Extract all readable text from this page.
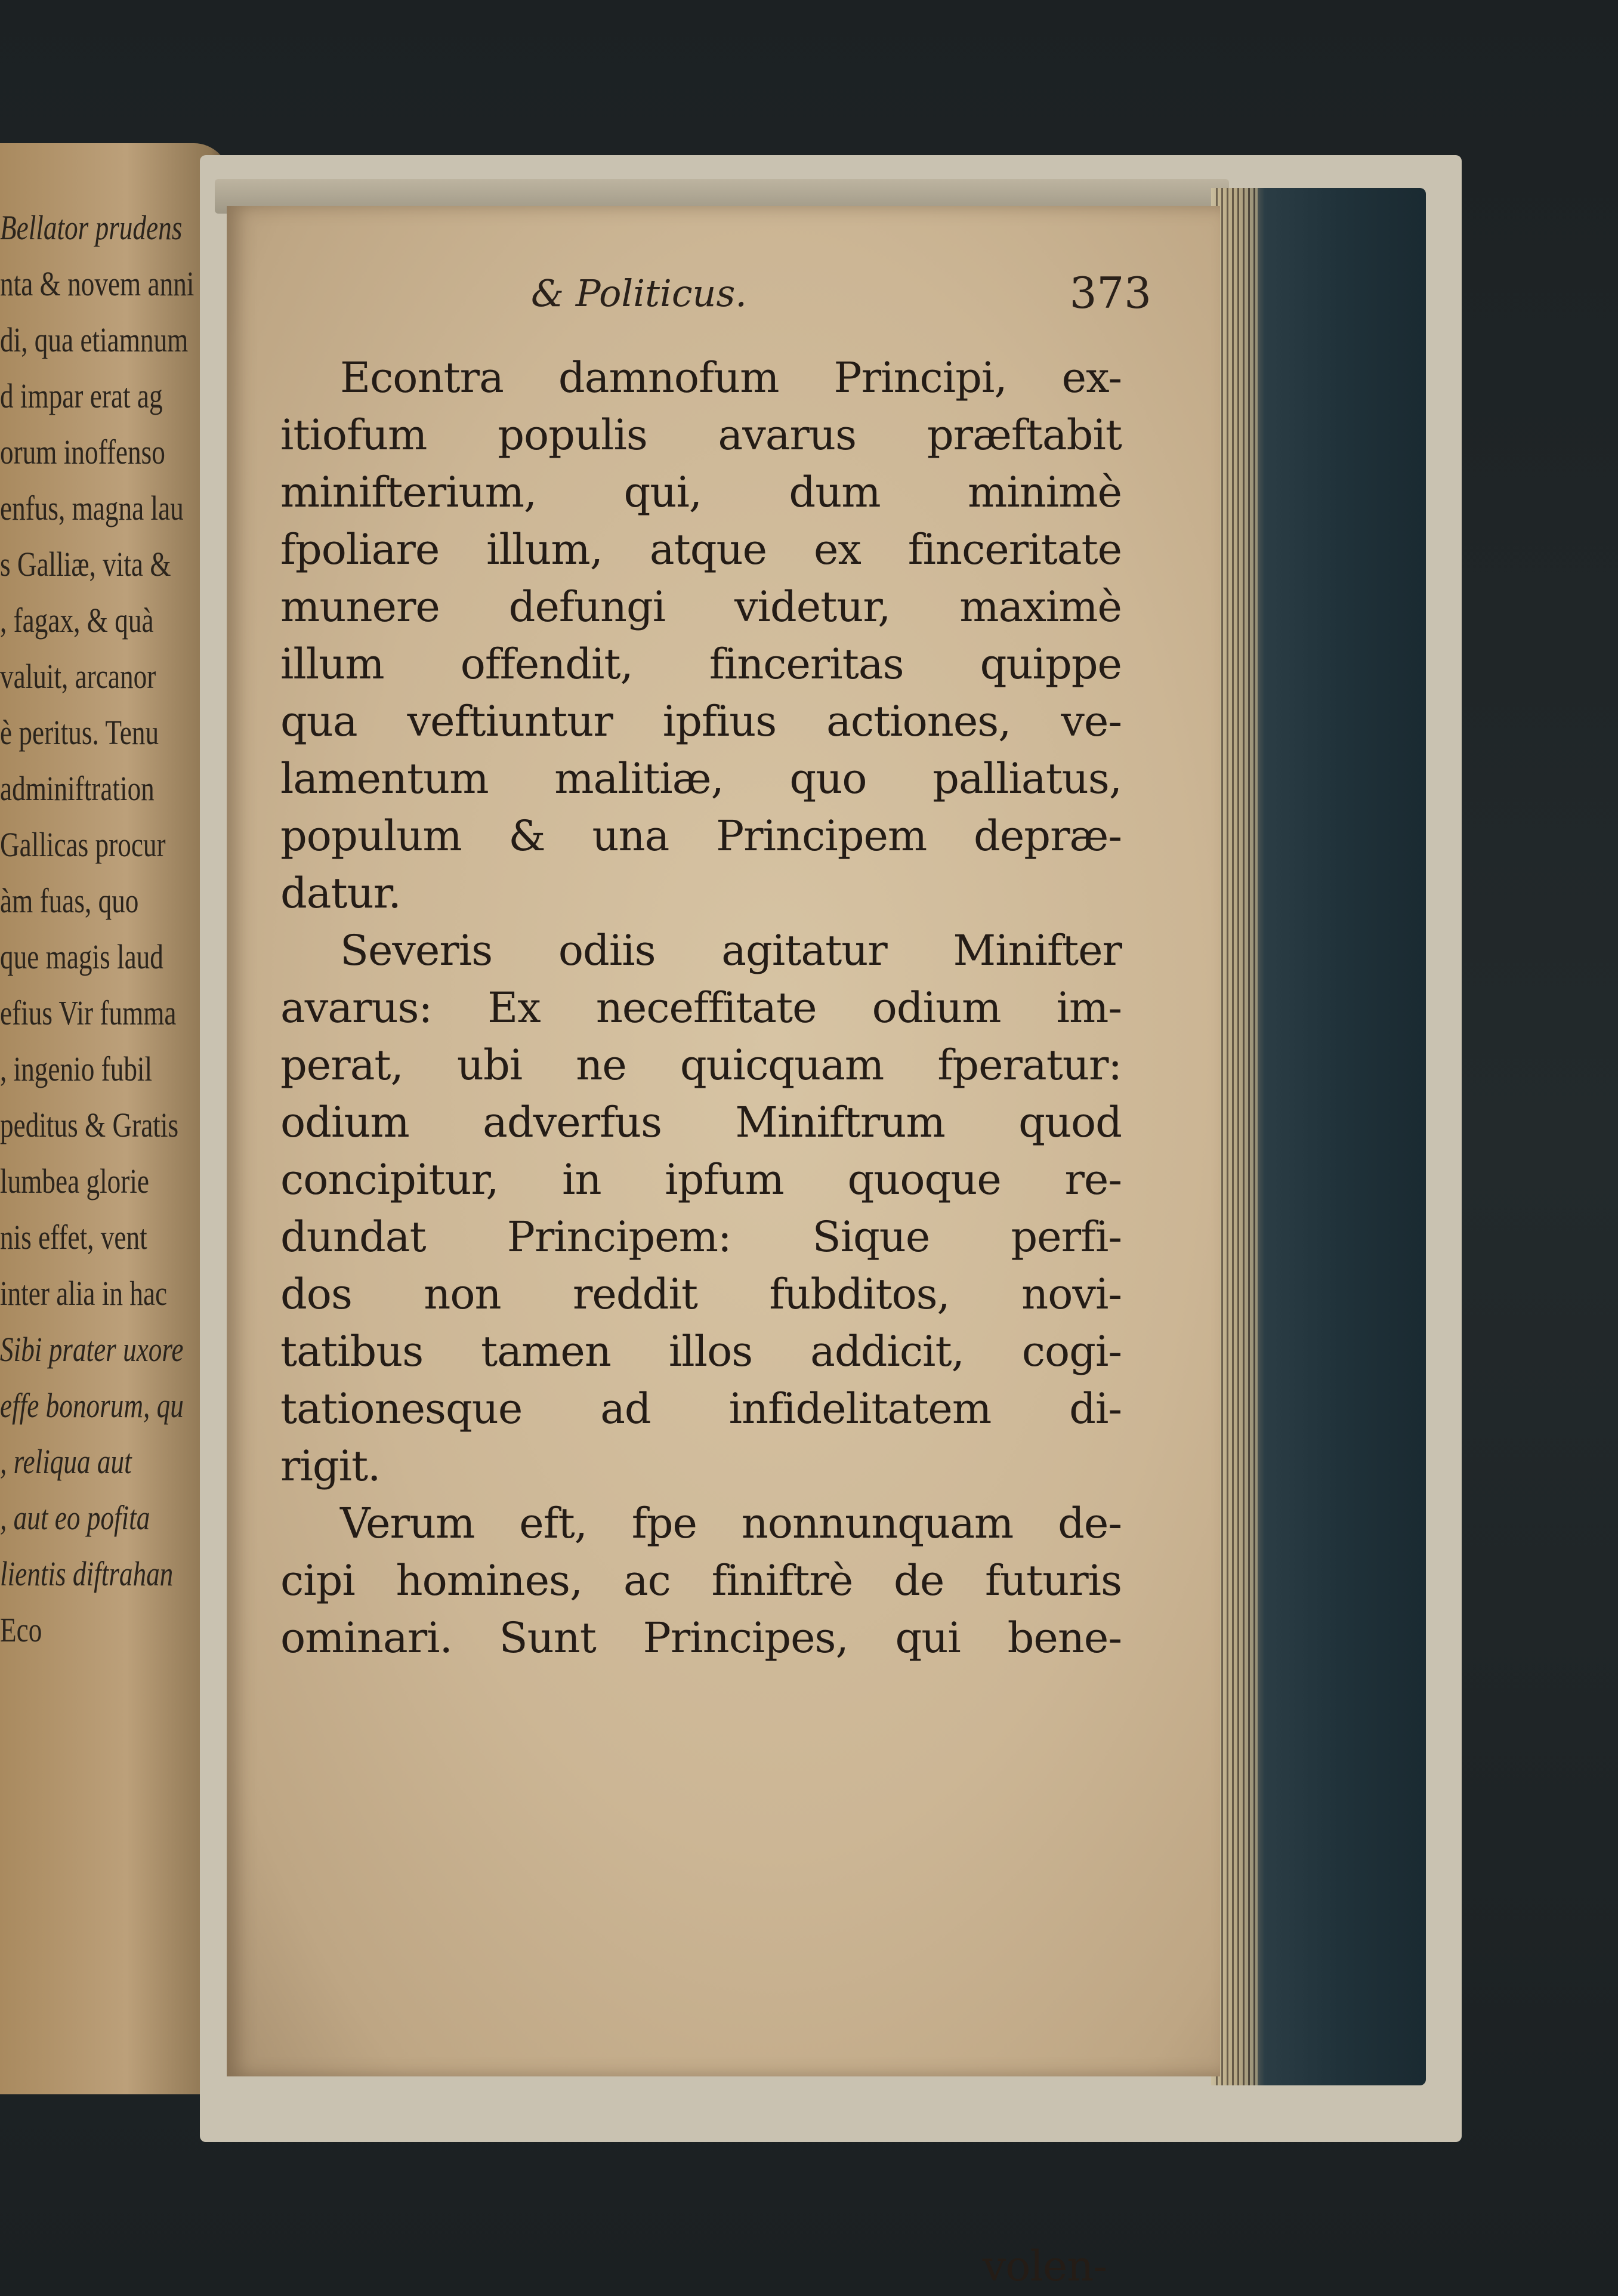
Bellator prudens
nta & novem anni
di, qua etiamnum
d impar erat ag
orum inoffenso
enfus, magna lau
s Galliæ, vita &
, fagax, & quà
valuit, arcanor
è peritus. Tenu
adminiftration
Gallicas procur
àm fuas, quo
que magis laud
efius Vir fumma
, ingenio fubil
peditus & Gratis
lumbea glorie
nis effet, vent
inter alia in hac
Sibi prater uxore
effe bonorum, qu
, reliqua aut
, aut eo pofita
lientis diftrahan
Eco
& Politicus.	373
Econtra damnofum Principi, ex-
itiofum populis avarus præftabit
minifterium, qui, dum minimè
fpoliare illum, atque ex finceritate
munere defungi videtur, maximè
illum offendit, finceritas quippe
qua veftiuntur ipfius actiones, ve-
lamentum malitiæ, quo palliatus,
populum & una Principem depræ-
datur.
Severis odiis agitatur Minifter
avarus: Ex neceffitate odium im-
perat, ubi ne quicquam fperatur:
odium adverfus Miniftrum quod
concipitur, in ipfum quoque re-
dundat Principem: Sique perfi-
dos non reddit fubditos, novi-
tatibus tamen illos addicit, cogi-
tationesque ad infidelitatem di-
rigit.
Verum eft, fpe nonnunquam de-
cipi homines, ac finiftrè de futuris
ominari. Sunt Principes, qui bene-
volen-
